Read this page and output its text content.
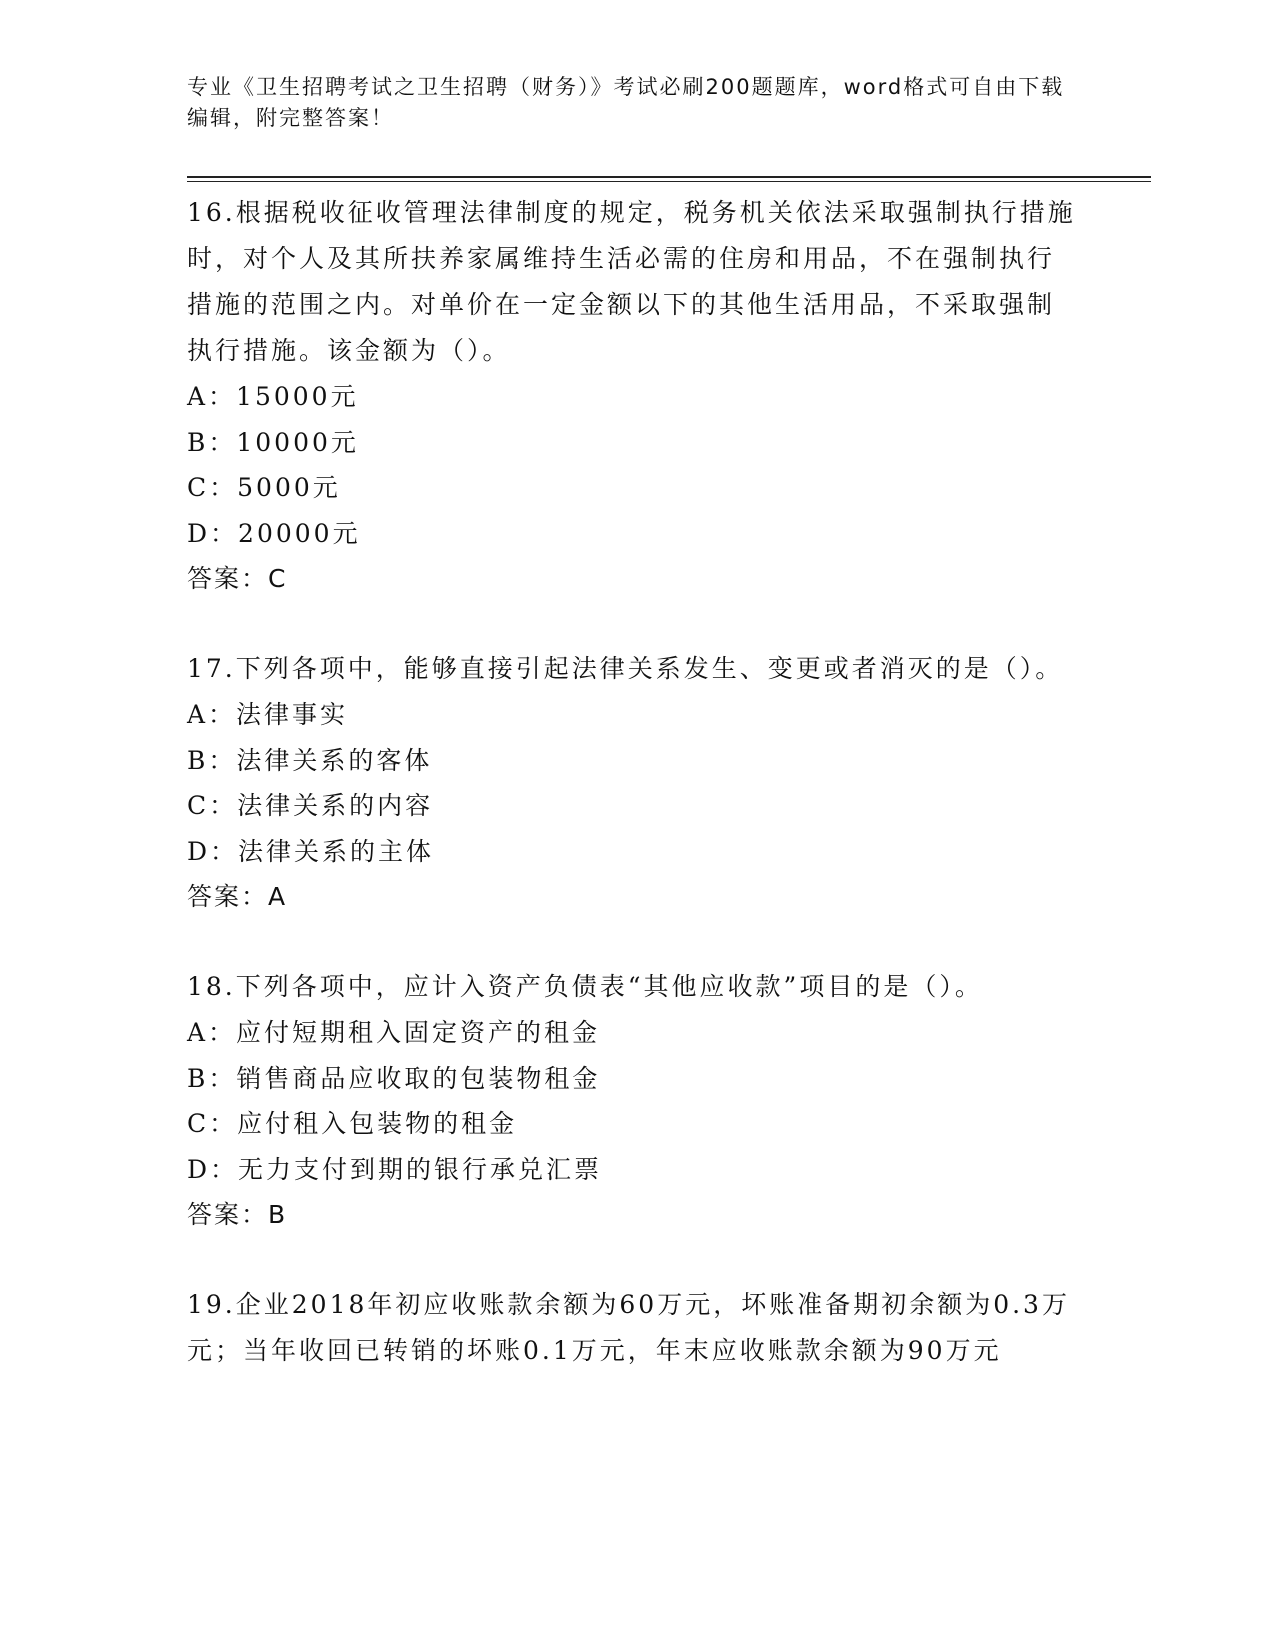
专业《卫生招聘考试之卫生招聘（财务）》考试必刷200题题库，word格式可自由下载编辑，附完整答案！

16.根据税收征收管理法律制度的规定，税务机关依法采取强制执行措施时，对个人及其所扶养家属维持生活必需的住房和用品，不在强制执行措施的范围之内。对单价在一定金额以下的其他生活用品，不采取强制执行措施。该金额为（）。

A：15000元
B：10000元
C：5000元
D：20000元
答案：C

17.下列各项中，能够直接引起法律关系发生、变更或者消灭的是（）。

A：法律事实
B：法律关系的客体
C：法律关系的内容
D：法律关系的主体
答案：A

18.下列各项中，应计入资产负债表“其他应收款”项目的是（）。

A：应付短期租入固定资产的租金
B：销售商品应收取的包装物租金
C：应付租入包装物的租金
D：无力支付到期的银行承兑汇票
答案：B

19.企业2018年初应收账款余额为60万元，坏账准备期初余额为0.3万元；当年收回已转销的坏账0.1万元，年末应收账款余额为90万元
